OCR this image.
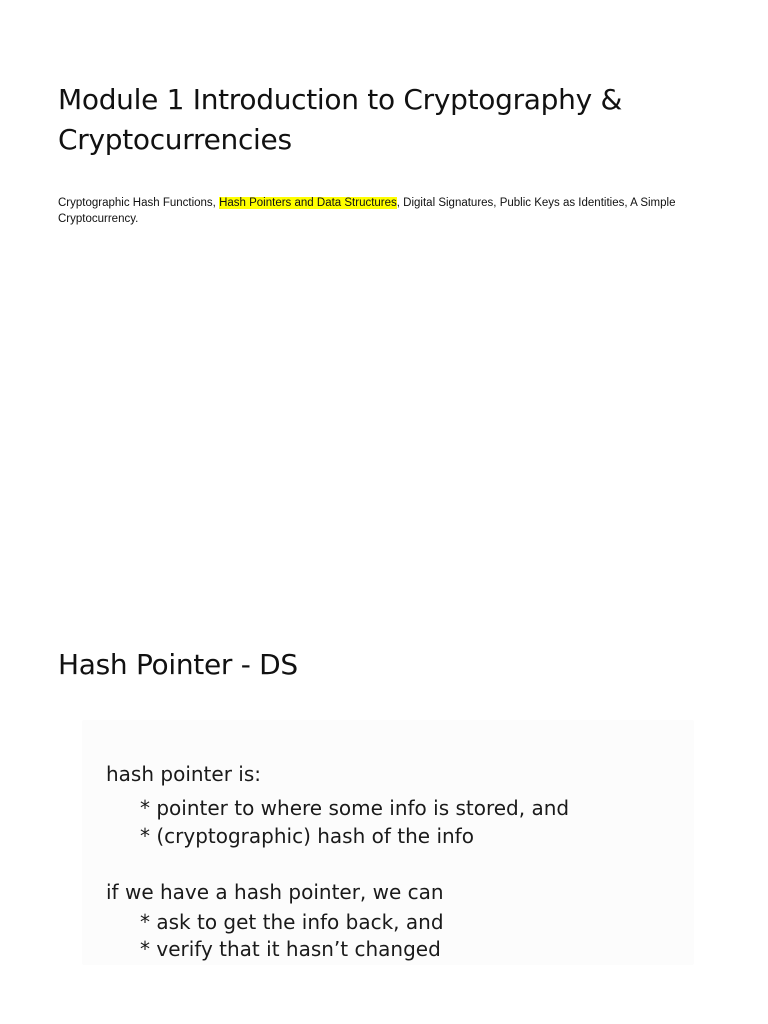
Module 1 Introduction to Cryptography & Cryptocurrencies

Cryptographic Hash Functions, Hash Pointers and Data Structures, Digital Signatures, Public Keys as Identities, A Simple Cryptocurrency.

Hash Pointer - DS

hash pointer is:

* pointer to where some info is stored, and

* (cryptographic) hash of the info

if we have a hash pointer, we can

* ask to get the info back, and

* verify that it hasn’t changed
